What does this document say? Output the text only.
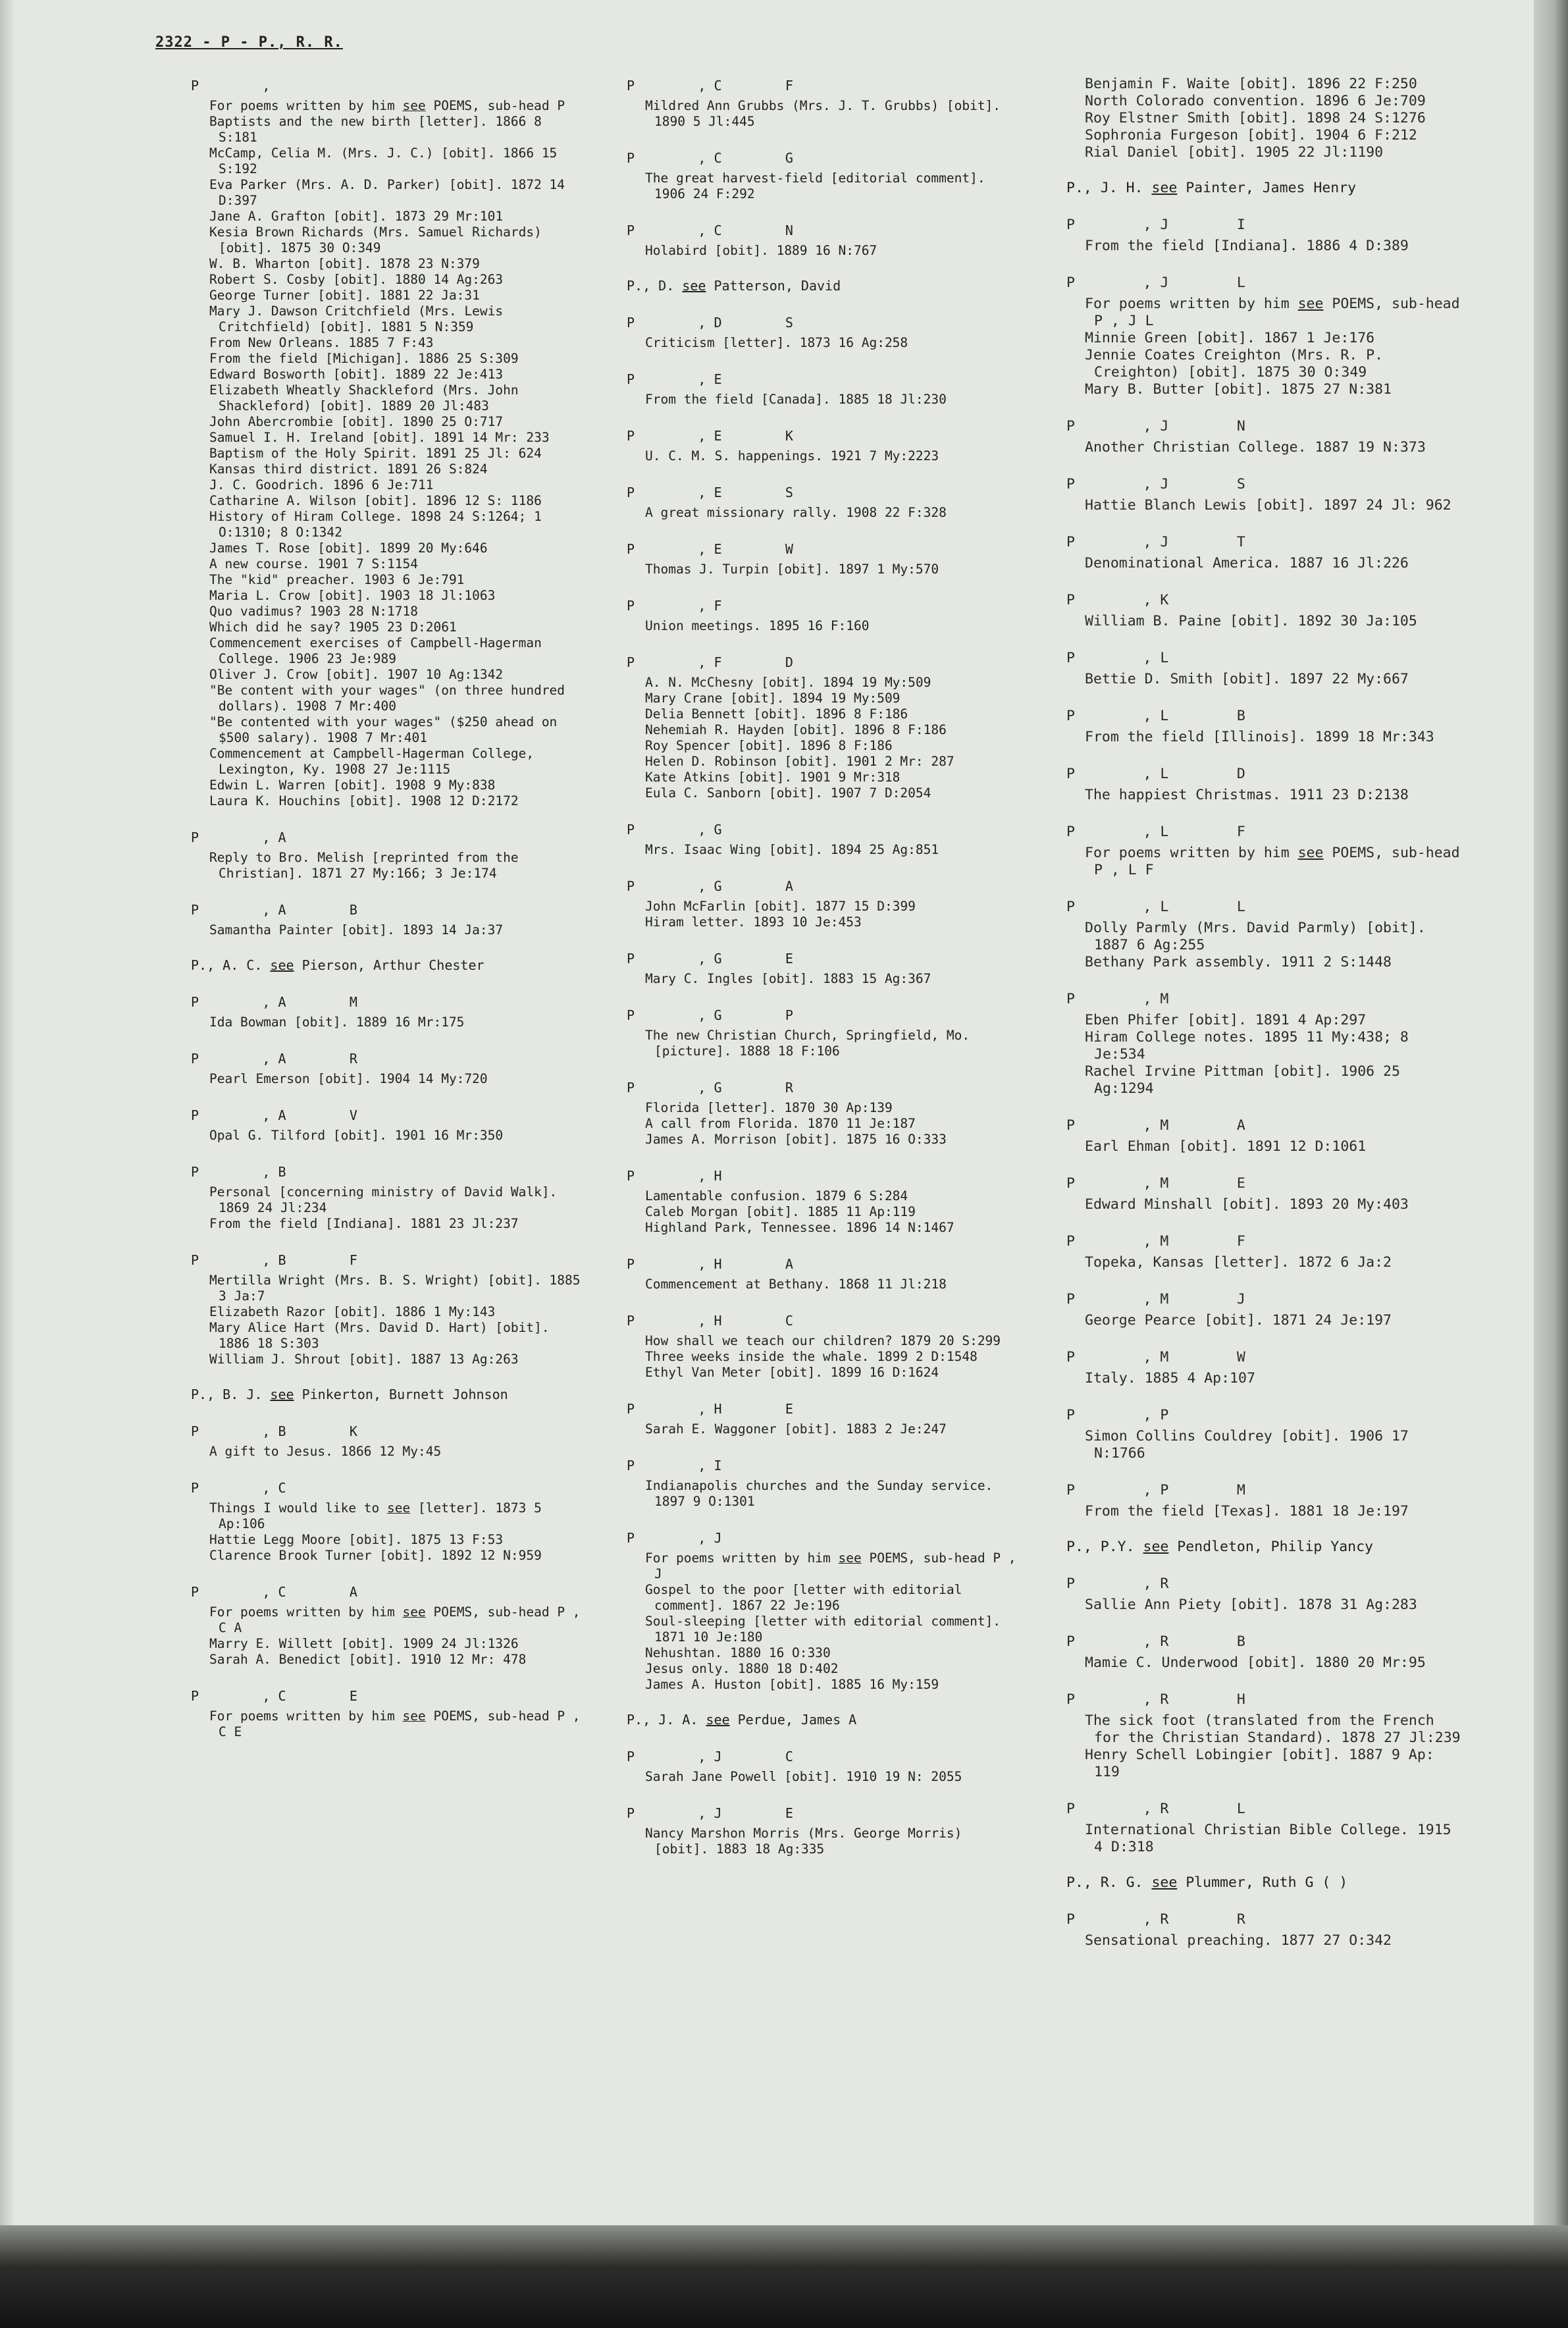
2322 - P - P., R. R.
P        ,
For poems written by him see POEMS, sub-head P
Baptists and the new birth [letter]. 1866 8 S:181
McCamp, Celia M. (Mrs. J. C.) [obit]. 1866 15 S:192
Eva Parker (Mrs. A. D. Parker) [obit]. 1872 14 D:397
Jane A. Grafton [obit]. 1873 29 Mr:101
Kesia Brown Richards (Mrs. Samuel Richards) [obit]. 1875 30 O:349
W. B. Wharton [obit]. 1878 23 N:379
Robert S. Cosby [obit]. 1880 14 Ag:263
George Turner [obit]. 1881 22 Ja:31
Mary J. Dawson Critchfield (Mrs. Lewis Critchfield) [obit]. 1881 5 N:359
From New Orleans. 1885 7 F:43
From the field [Michigan]. 1886 25 S:309
Edward Bosworth [obit]. 1889 22 Je:413
Elizabeth Wheatly Shackleford (Mrs. John Shackleford) [obit]. 1889 20 Jl:483
John Abercrombie [obit]. 1890 25 O:717
Samuel I. H. Ireland [obit]. 1891 14 Mr: 233
Baptism of the Holy Spirit. 1891 25 Jl: 624
Kansas third district. 1891 26 S:824
J. C. Goodrich. 1896 6 Je:711
Catharine A. Wilson [obit]. 1896 12 S: 1186
History of Hiram College. 1898 24 S:1264; 1 O:1310; 8 O:1342
James T. Rose [obit]. 1899 20 My:646
A new course. 1901 7 S:1154
The "kid" preacher. 1903 6 Je:791
Maria L. Crow [obit]. 1903 18 Jl:1063
Quo vadimus? 1903 28 N:1718
Which did he say? 1905 23 D:2061
Commencement exercises of Campbell-Hagerman College. 1906 23 Je:989
Oliver J. Crow [obit]. 1907 10 Ag:1342
"Be content with your wages" (on three hundred dollars). 1908 7 Mr:400
"Be contented with your wages" ($250 ahead on $500 salary). 1908 7 Mr:401
Commencement at Campbell-Hagerman College, Lexington, Ky. 1908 27 Je:1115
Edwin L. Warren [obit]. 1908 9 My:838
Laura K. Houchins [obit]. 1908 12 D:2172
P        , A
Reply to Bro. Melish [reprinted from the Christian]. 1871 27 My:166; 3 Je:174
P        , A        B
Samantha Painter [obit]. 1893 14 Ja:37
P., A. C. see Pierson, Arthur Chester
P        , A        M
Ida Bowman [obit]. 1889 16 Mr:175
P        , A        R
Pearl Emerson [obit]. 1904 14 My:720
P        , A        V
Opal G. Tilford [obit]. 1901 16 Mr:350
P        , B
Personal [concerning ministry of David Walk]. 1869 24 Jl:234
From the field [Indiana]. 1881 23 Jl:237
P        , B        F
Mertilla Wright (Mrs. B. S. Wright) [obit]. 1885 3 Ja:7
Elizabeth Razor [obit]. 1886 1 My:143
Mary Alice Hart (Mrs. David D. Hart) [obit]. 1886 18 S:303
William J. Shrout [obit]. 1887 13 Ag:263
P., B. J. see Pinkerton, Burnett Johnson
P        , B        K
A gift to Jesus. 1866 12 My:45
P        , C
Things I would like to see [letter]. 1873 5 Ap:106
Hattie Legg Moore [obit]. 1875 13 F:53
Clarence Brook Turner [obit]. 1892 12 N:959
P        , C        A
For poems written by him see POEMS, sub-head P , C A
Marry E. Willett [obit]. 1909 24 Jl:1326
Sarah A. Benedict [obit]. 1910 12 Mr: 478
P        , C        E
For poems written by him see POEMS, sub-head P , C E
P        , C        F
Mildred Ann Grubbs (Mrs. J. T. Grubbs) [obit]. 1890 5 Jl:445
P        , C        G
The great harvest-field [editorial comment]. 1906 24 F:292
P        , C        N
Holabird [obit]. 1889 16 N:767
P., D. see Patterson, David
P        , D        S
Criticism [letter]. 1873 16 Ag:258
P        , E
From the field [Canada]. 1885 18 Jl:230
P        , E        K
U. C. M. S. happenings. 1921 7 My:2223
P        , E        S
A great missionary rally. 1908 22 F:328
P        , E        W
Thomas J. Turpin [obit]. 1897 1 My:570
P        , F
Union meetings. 1895 16 F:160
P        , F        D
A. N. McChesny [obit]. 1894 19 My:509
Mary Crane [obit]. 1894 19 My:509
Delia Bennett [obit]. 1896 8 F:186
Nehemiah R. Hayden [obit]. 1896 8 F:186
Roy Spencer [obit]. 1896 8 F:186
Helen D. Robinson [obit]. 1901 2 Mr: 287
Kate Atkins [obit]. 1901 9 Mr:318
Eula C. Sanborn [obit]. 1907 7 D:2054
P        , G
Mrs. Isaac Wing [obit]. 1894 25 Ag:851
P        , G        A
John McFarlin [obit]. 1877 15 D:399
Hiram letter. 1893 10 Je:453
P        , G        E
Mary C. Ingles [obit]. 1883 15 Ag:367
P        , G        P
The new Christian Church, Springfield, Mo. [picture]. 1888 18 F:106
P        , G        R
Florida [letter]. 1870 30 Ap:139
A call from Florida. 1870 11 Je:187
James A. Morrison [obit]. 1875 16 O:333
P        , H
Lamentable confusion. 1879 6 S:284
Caleb Morgan [obit]. 1885 11 Ap:119
Highland Park, Tennessee. 1896 14 N:1467
P        , H        A
Commencement at Bethany. 1868 11 Jl:218
P        , H        C
How shall we teach our children? 1879 20 S:299
Three weeks inside the whale. 1899 2 D:1548
Ethyl Van Meter [obit]. 1899 16 D:1624
P        , H        E
Sarah E. Waggoner [obit]. 1883 2 Je:247
P        , I
Indianapolis churches and the Sunday service. 1897 9 O:1301
P        , J
For poems written by him see POEMS, sub-head P , J
Gospel to the poor [letter with editorial comment]. 1867 22 Je:196
Soul-sleeping [letter with editorial comment]. 1871 10 Je:180
Nehushtan. 1880 16 O:330
Jesus only. 1880 18 D:402
James A. Huston [obit]. 1885 16 My:159
P., J. A. see Perdue, James A
P        , J        C
Sarah Jane Powell [obit]. 1910 19 N: 2055
P        , J        E
Nancy Marshon Morris (Mrs. George Morris) [obit]. 1883 18 Ag:335
Benjamin F. Waite [obit]. 1896 22 F:250
North Colorado convention. 1896 6 Je:709
Roy Elstner Smith [obit]. 1898 24 S:1276
Sophronia Furgeson [obit]. 1904 6 F:212
Rial Daniel [obit]. 1905 22 Jl:1190
P., J. H. see Painter, James Henry
P        , J        I
From the field [Indiana]. 1886 4 D:389
P        , J        L
For poems written by him see POEMS, sub-head P , J L
Minnie Green [obit]. 1867 1 Je:176
Jennie Coates Creighton (Mrs. R. P. Creighton) [obit]. 1875 30 O:349
Mary B. Butter [obit]. 1875 27 N:381
P        , J        N
Another Christian College. 1887 19 N:373
P        , J        S
Hattie Blanch Lewis [obit]. 1897 24 Jl: 962
P        , J        T
Denominational America. 1887 16 Jl:226
P        , K
William B. Paine [obit]. 1892 30 Ja:105
P        , L
Bettie D. Smith [obit]. 1897 22 My:667
P        , L        B
From the field [Illinois]. 1899 18 Mr:343
P        , L        D
The happiest Christmas. 1911 23 D:2138
P        , L        F
For poems written by him see POEMS, sub-head P , L F
P        , L        L
Dolly Parmly (Mrs. David Parmly) [obit]. 1887 6 Ag:255
Bethany Park assembly. 1911 2 S:1448
P        , M
Eben Phifer [obit]. 1891 4 Ap:297
Hiram College notes. 1895 11 My:438; 8 Je:534
Rachel Irvine Pittman [obit]. 1906 25 Ag:1294
P        , M        A
Earl Ehman [obit]. 1891 12 D:1061
P        , M        E
Edward Minshall [obit]. 1893 20 My:403
P        , M        F
Topeka, Kansas [letter]. 1872 6 Ja:2
P        , M        J
George Pearce [obit]. 1871 24 Je:197
P        , M        W
Italy. 1885 4 Ap:107
P        , P
Simon Collins Couldrey [obit]. 1906 17 N:1766
P        , P        M
From the field [Texas]. 1881 18 Je:197
P., P.Y. see Pendleton, Philip Yancy
P        , R
Sallie Ann Piety [obit]. 1878 31 Ag:283
P        , R        B
Mamie C. Underwood [obit]. 1880 20 Mr:95
P        , R        H
The sick foot (translated from the French for the Christian Standard). 1878 27 Jl:239
Henry Schell Lobingier [obit]. 1887 9 Ap: 119
P        , R        L
International Christian Bible College. 1915 4 D:318
P., R. G. see Plummer, Ruth G ( )
P        , R        R
Sensational preaching. 1877 27 O:342
